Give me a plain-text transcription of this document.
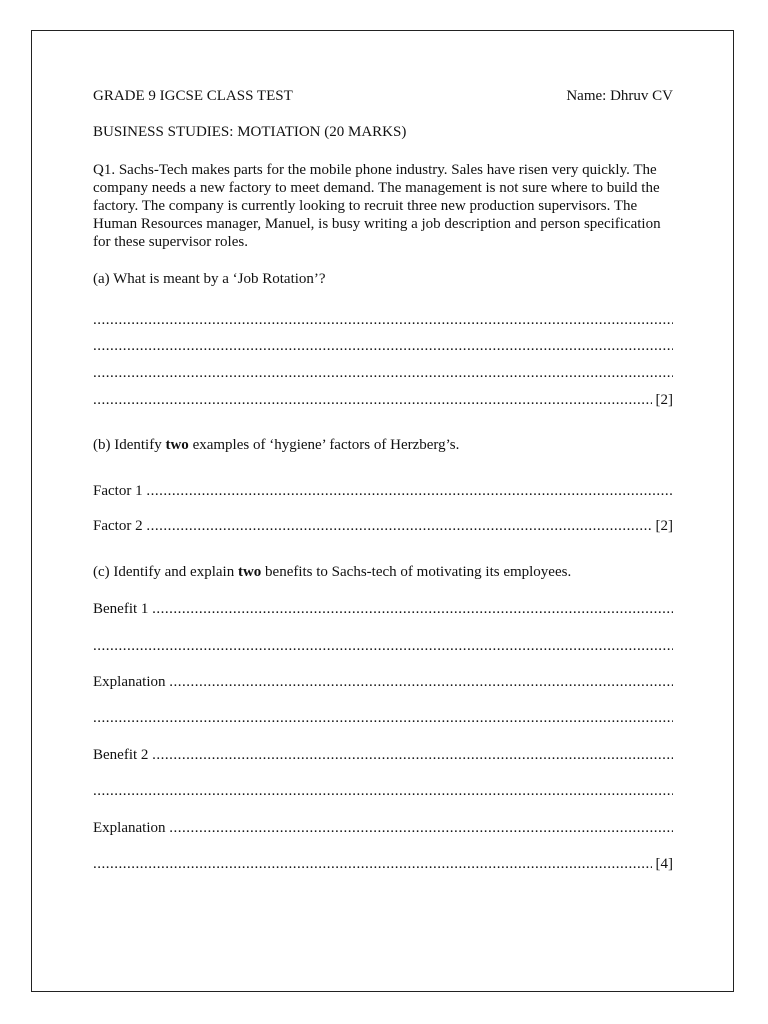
GRADE 9 IGCSE CLASS TEST	Name: Dhruv CV
BUSINESS STUDIES: MOTIATION (20 MARKS)
Q1. Sachs-Tech makes parts for the mobile phone industry. Sales have risen very quickly. The company needs a new factory to meet demand. The management is not sure where to build the factory. The company is currently looking to recruit three new production supervisors. The Human Resources manager, Manuel, is busy writing a job description and person specification for these supervisor roles.
(a) What is meant by a ‘Job Rotation’?
.....
.....
.....
.....
[2]
(b) Identify two examples of ‘hygiene’ factors of Herzberg’s.
Factor 1

.....
Factor 2

.....	[2]
(c) Identify and explain two benefits to Sachs-tech of motivating its employees.
Benefit 1

.....
.....
Explanation

.....
.....
Benefit 2

.....
.....
Explanation

.....
.....
[4]
